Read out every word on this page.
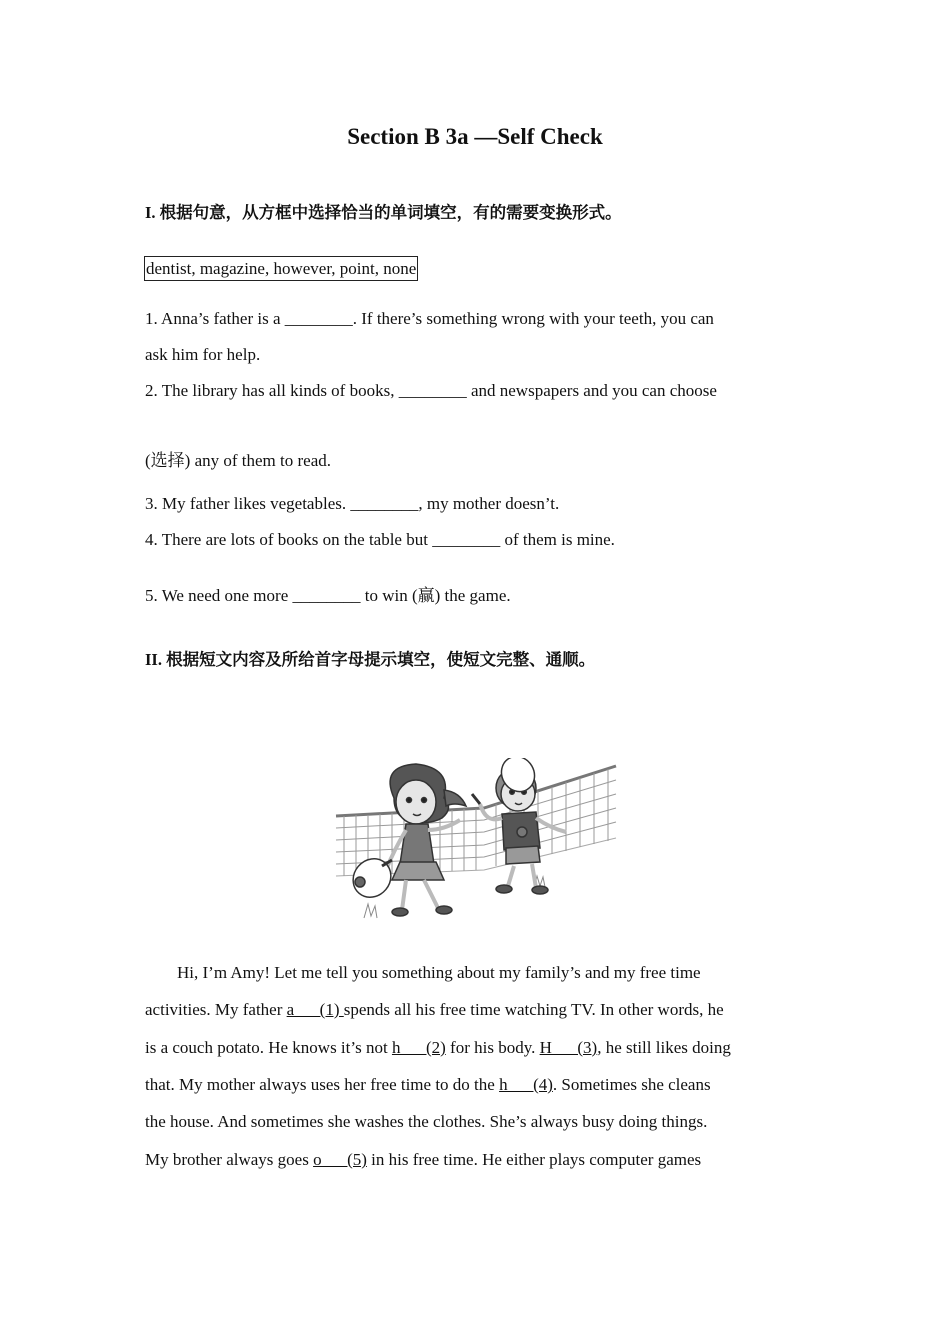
Section B 3a —Self Check
I. 根据句意，从方框中选择恰当的单词填空，有的需要变换形式。
dentist, magazine, however, point, none
1. Anna’s father is a ________. If there’s something wrong with your teeth, you can
ask him for help.
2. The library has all kinds of books, ________ and newspapers and you can choose
(选择) any of them to read.
3. My father likes vegetables. ________, my mother doesn’t.
4. There are lots of books on the table but ________ of them is mine.
5. We need one more ________ to win (赢) the game.
II. 根据短文内容及所给首字母提示填空，使短文完整、通顺。
Hi, I’m Amy! Let me tell you something about my family’s and my free time
activities. My father a___(1) spends all his free time watching TV. In other words, he
is a couch potato. He knows it’s not h___(2) for his body. H___(3), he still likes doing
that. My mother always uses her free time to do the h___(4). Sometimes she cleans
the house. And sometimes she washes the clothes. She’s always busy doing things.
My brother always goes o___(5) in his free time. He either plays computer games
